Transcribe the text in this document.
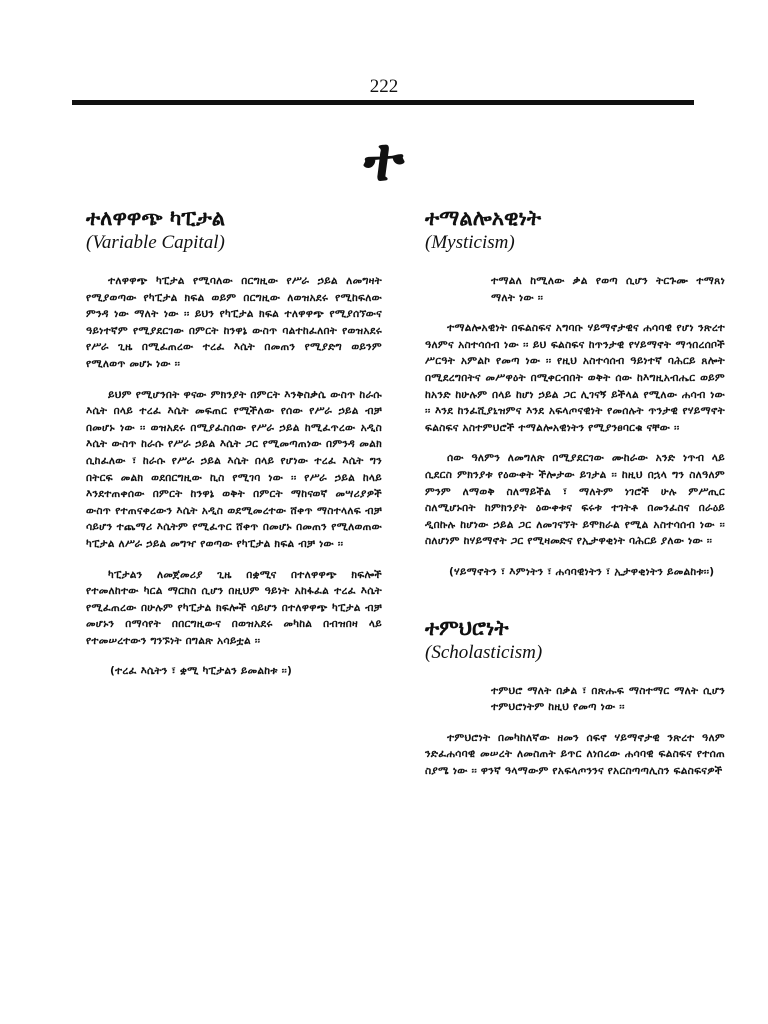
222
ተ
ተለዋዋጭ ካፒታል
(Variable Capital)

ተለዋዋጭ ካፒታል የሚባለው በርግዚው የሥራ ኃይል ለመግዛት የሚያወጣው የካፒታል ክፍል ወይም በርግዚው ለወዝአደሩ የሚከፍለው ምንዳ ነው ማለት ነው ፡፡ ይህን የካፒታል ክፍል ተለዋዋጭ የሚያሰኘውና ዓይነተኛም የሚያደርገው በምርት ከንዋኔ ውስጥ ባልተከፈለበት የወዝአደሩ የሥራ ጊዜ በሚፈጠረው ተረፈ እሴት በመጠን የሚያድግ ወይንም የሚለወጥ መሆኑ ነው ፡፡

ይህም የሚሆንበት ዋናው ምክንያት በምርት እንቅስቃሴ ውስጥ ከራሱ እሴት በላይ ተረፈ እሴት መፍጠር የሚችለው የሰው የሥራ ኃይል ብቻ በመሆኑ ነው ፡፡ ወዝአደሩ በሚያፈስሰው የሥራ ኃይል ከሚፈጥረው አዲስ እሴት ውስጥ ከራሱ የሥራ ኃይል እሴት ጋር የሚመጣጠነው በምንዳ መልክ ሲከፈለው ፣ ከራሱ የሥራ ኃይል እሴት በላይ የሆነው ተረፈ እሴት ግን በትርፍ መልክ ወደበርግዚው ኪስ የሚገባ ነው ፡፡ የሥራ ኃይል ከላይ እንደተጠቀሰው በምርት ከንዋኔ ወቅት በምርት ማከናወኛ መሣሪያዎች ውስጥ የተጠናቀረውን እሴት አዲስ ወደሚመረተው ሸቀጥ ማስተላለፍ ብቻ ሳይሆን ተጨማሪ እሴትም የሚፈጥር ሸቀጥ በመሆኑ በመጠን የሚለወጠው ካፒታል ለሥራ ኃይል መግዣ የወጣው የካፒታል ክፍል ብቻ ነው ፡፡

ካፒታልን ለመጀመሪያ ጊዜ በቋሚና በተለዋዋጭ ክፍሎች የተመለከተው ካርል ማርክስ ሲሆን በዚህም ዓይነት አከፋፈል ተረፈ እሴት የሚፈጠረው በሁሉም የካፒታል ክፍሎች ሳይሆን በተለዋዋጭ ካፒታል ብቻ መሆኑን በማሳየት በበርግዚውና በወዝአደሩ መካከል በብዝበዛ ላይ የተመሠረተውን ግንኙነት በግልጽ አሳይቷል ፡፡

(ተረፈ እሴትን ፣ ቋሚ ካፒታልን ይመልከቱ ፡፡)

ተማልሎአዊነት
(Mysticism)

ተማልለ ከሚለው ቃል የወጣ ሲሆን ትርጉሙ ተማጸነ ማለት ነው ፡፡

ተማልሎአዊነት በፍልስፍና አግባቡ ሃይማኖታዊና ሐሳባዊ የሆነ ንጽረተ ዓለምና አስተሳሰብ ነው ፡፡ ይህ ፍልስፍና ከጥንታዊ የሃይማኖት ማኅበረሰቦች ሥርዓት አምልኮ የመጣ ነው ፡፡ የዚህ አስተሳሰብ ዓይነተኛ ባሕርይ ጸሎት በሚደረግበትና መሥዋዕት በሚቀርብበት ወቅት ሰው ከእግዚአብሔር ወይም ከአንድ ከሁሉም በላይ ከሆነ ኃይል ጋር ሊገናኝ ይችላል የሚለው ሐሳብ ነው ፡፡ እንደ ከንፈሺያኒዝምና እንደ አፍላጦናዊነት የመሰሉት ጥንታዊ የሃይማኖት ፍልስፍና አስተምህሮች ተማልሎአዊነትን የሚያንፀባርቁ ናቸው ፡፡

ሰው ዓለምን ለመግለጽ በሚያደርገው ሙከራው አንድ ነጥብ ላይ ሲደርስ ምክንያቱ የዕውቀት ችሎታው ይገታል ፡፡ ከዚህ በኋላ ግን ስለዓለም ምንም ለማወቅ ስለማይችል ፣ ማለትም ነገሮች ሁሉ ምሥጢር ስለሚሆኑበት ከምክንያት ዕውቀቱና ፍሩቱ ተገትቶ በመንፈስና በራዕይ ዲበኩሉ ከሆነው ኃይል ጋር ለመገናኘት ይሞክራል የሚል አስተሳሰብ ነው ፡፡ ስለሆነም ከሃይማኖት ጋር የሚዛመድና የኢታዋቂነት ባሕርይ ያለው ነው ፡፡

(ሃይማኖትን ፣ እምነትን ፣ ሐሳባዊነትን ፣ ኢታዋቂነትን ይመልከቱ፡፡)

ተምህሮነት
(Scholasticism)

ተምህሮ ማለት በቃል ፣ በጽሑፍ ማስተማር ማለት ሲሆን ተምህሮነትም ከዚህ የመጣ ነው ፡፡

ተምህሮነት በመካከለኛው ዘመን ሰፍኖ ሃይማኖታዊ ንጽረተ ዓለም ንድፈሐሳባዊ መሠረት ለመስጠት ይጥር ለነበረው ሐሳባዊ ፍልስፍና የተሰጠ ስያሜ ነው ፡፡ ዋንኛ ዓላማውም የአፍላጦንንና የአርስጣጣሊስን ፍልስፍናዎች
